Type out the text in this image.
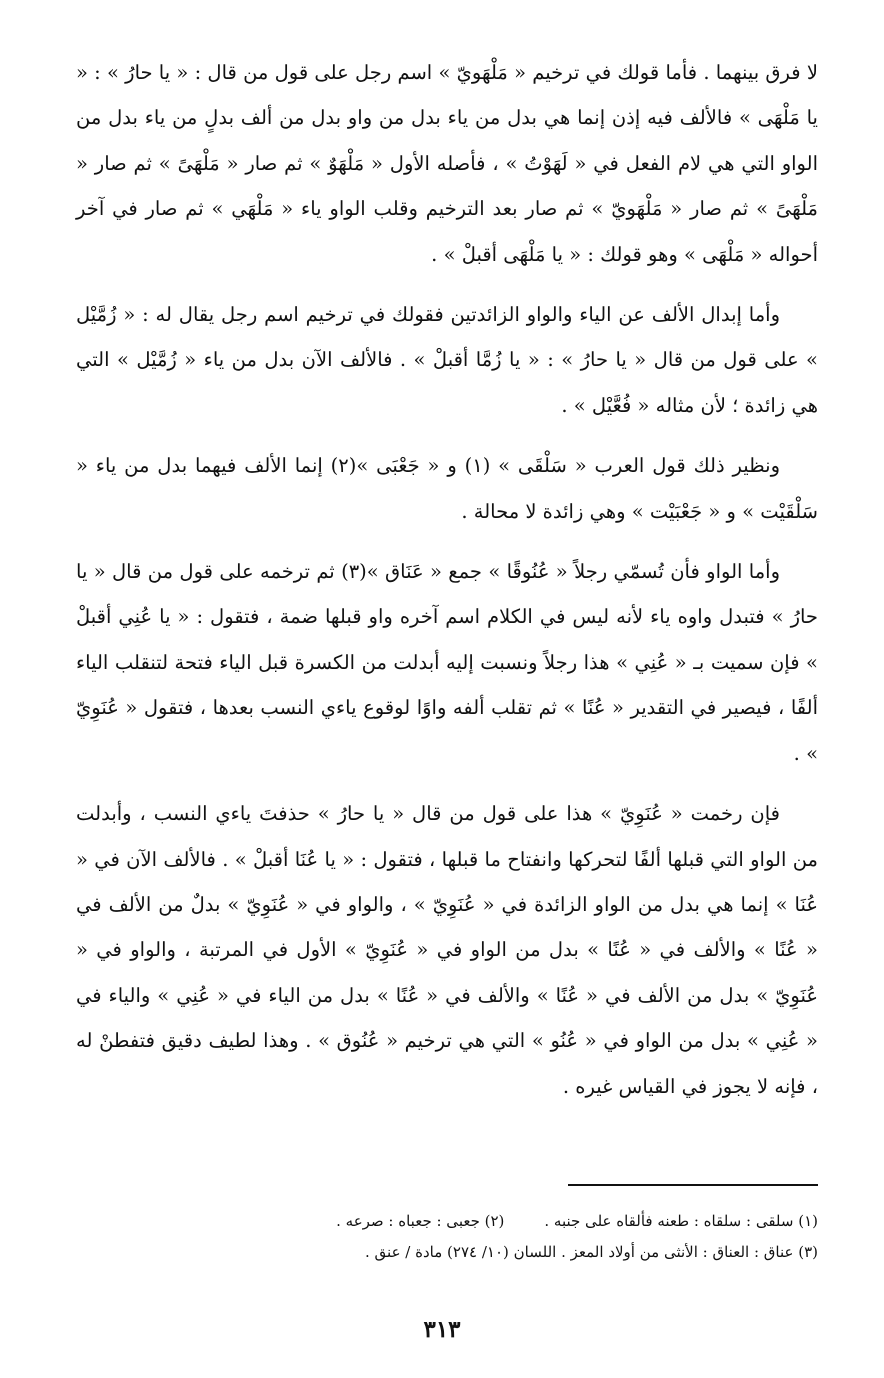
لا فرق بينهما . فأما قولك في ترخيم « مَلْهَويّ » اسم رجل على قول من قال : « يا حارُ » : « يا مَلْهَى » فالألف فيه إذن إنما هي بدل من ياء بدل من واو بدل من ألف بدلٍ من ياء بدل من الواو التي هي لام الفعل في « لَهَوْتُ » ، فأصله الأول « مَلْهَوٌ » ثم صار « مَلْهَىً » ثم صار « مَلْهَىً » ثم صار « مَلْهَويّ » ثم صار بعد الترخيم وقلب الواو ياء « مَلْهَي » ثم صار في آخر أحواله « مَلْهَى » وهو قولك : « يا مَلْهَى أقبلْ » .

وأما إبدال الألف عن الياء والواو الزائدتين فقولك في ترخيم اسم رجل يقال له : « زُمَّيْل » على قول من قال « يا حارُ » : « يا زُمَّا أقبلْ » . فالألف الآن بدل من ياء « زُمَّيْل » التي هي زائدة ؛ لأن مثاله « فُعَّيْل » .

ونظير ذلك قول العرب « سَلْقَى » (١) و « جَعْبَى »(٢) إنما الألف فيهما بدل من ياء « سَلْقَيْت » و « جَعْبَيْت » وهي زائدة لا محالة .

وأما الواو فأن تُسمّي رجلاً « عُنُوقًا » جمع « عَنَاق »(٣) ثم ترخمه على قول من قال « يا حارُ » فتبدل واوه ياء لأنه ليس في الكلام اسم آخره واو قبلها ضمة ، فتقول : « يا عُنِي أقبلْ » فإن سميت بـ « عُنِي » هذا رجلاً ونسبت إليه أبدلت من الكسرة قبل الياء فتحة لتنقلب الياء ألفًا ، فيصير في التقدير « عُنًا » ثم تقلب ألفه واوًا لوقوع ياءي النسب بعدها ، فتقول « عُنَوِيّ » .

فإن رخمت « عُنَوِيّ » هذا على قول من قال « يا حارُ » حذفتَ ياءي النسب ، وأبدلت من الواو التي قبلها ألفًا لتحركها وانفتاح ما قبلها ، فتقول : « يا عُنَا أقبلْ » . فالألف الآن في « عُنَا » إنما هي بدل من الواو الزائدة في « عُنَوِيّ » ، والواو في « عُنَوِيّ » بدلٌ من الألف في « عُنًا » والألف في « عُنًا » بدل من الواو في « عُنَوِيّ » الأول في المرتبة ، والواو في « عُنَوِيّ » بدل من الألف في « عُنًا » والألف في « عُنًا » بدل من الياء في « عُنِي » والياء في « عُنِي » بدل من الواو في « عُنُو » التي هي ترخيم « عُنُوق » . وهذا لطيف دقيق فتفطنْ له ، فإنه لا يجوز في القياس غيره .

(١) سلقى : سلقاه : طعنه فألقاه على جنبه .
(٢) جعبى : جعباه : صرعه .
(٣) عناق : العناق : الأنثى من أولاد المعز . اللسان (١٠/ ٢٧٤) مادة / عنق .
٣١٣
